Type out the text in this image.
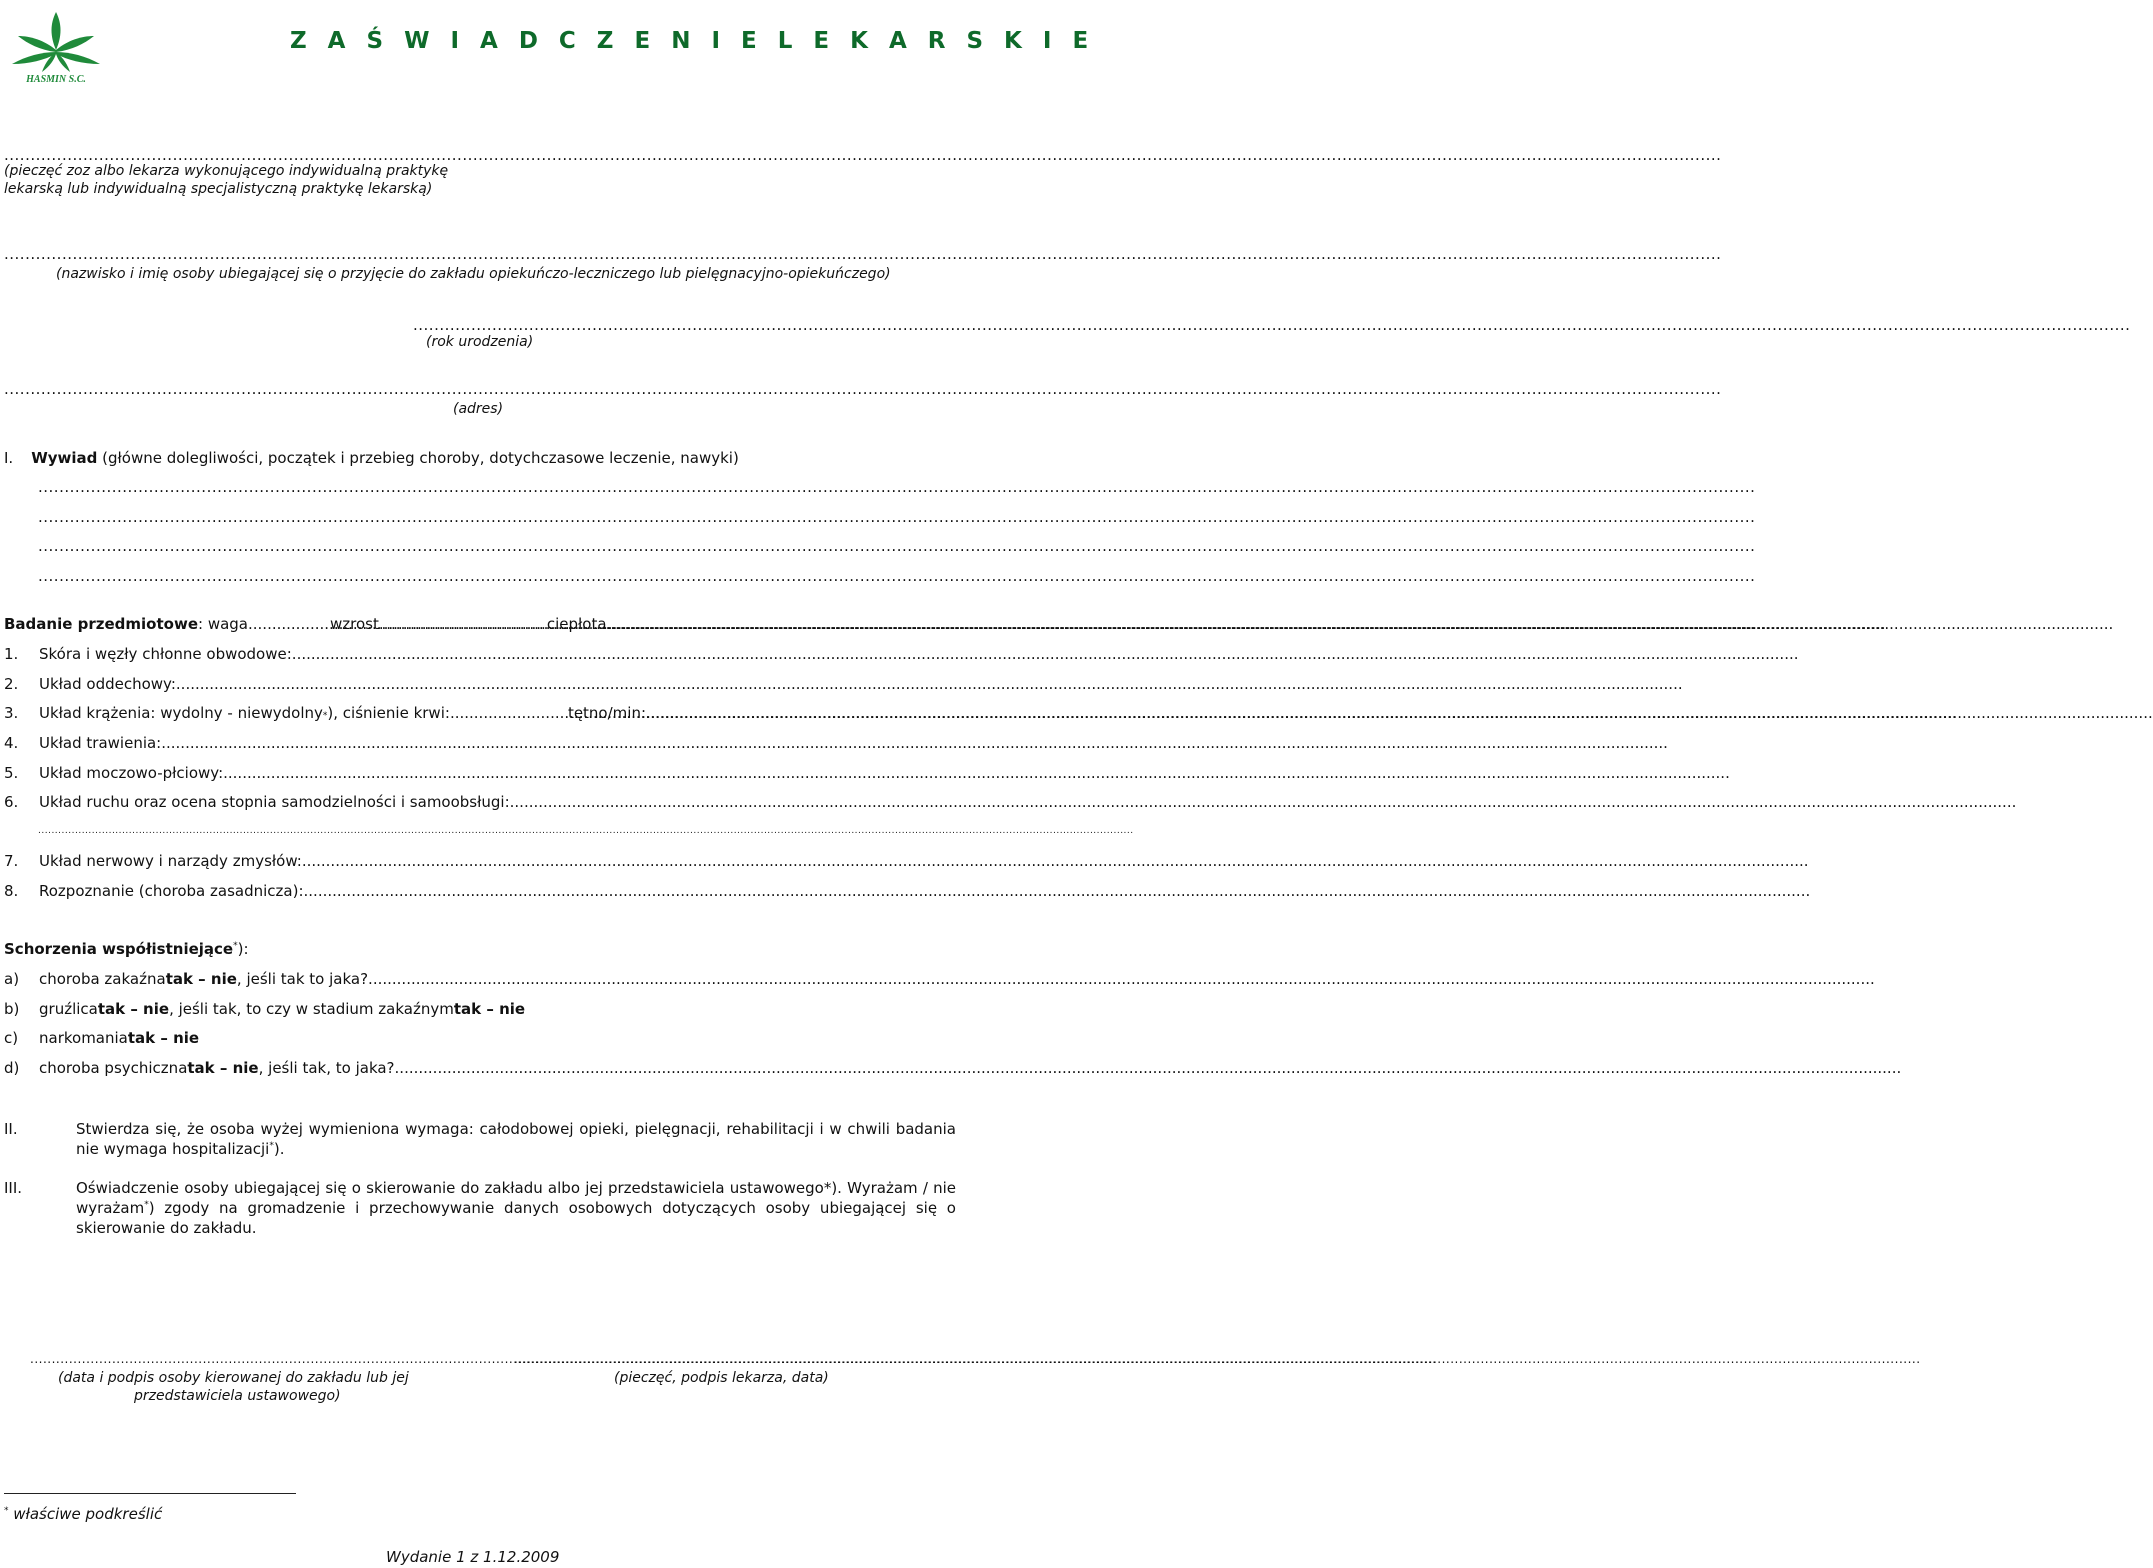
HASMIN S.C.
Z A Ś W I A D C Z E N I E L E K A R S K I E
.....
(pieczęć zoz albo lekarza wykonującego indywidualną praktykę
lekarską lub indywidualną specjalistyczną praktykę lekarską)
.....
(nazwisko i imię osoby ubiegającej się o przyjęcie do zakładu opiekuńczo-leczniczego lub pielęgnacyjno-opiekuńczego)
.....
(rok urodzenia)
.....
(adres)
I. Wywiad (główne dolegliwości, początek i przebieg choroby, dotychczasowe leczenie, nawyki)
.....
.....
.....
.....
Badanie przedmiotowe : waga .....	wzrost .....	ciepłota
.....
1.	Skóra i węzły chłonne obwodowe:
.....
2.	Układ oddechowy:
.....
3.	Układ krążenia: wydolny - niewydolny * ), ciśnienie krwi: .....	tętno/min:
.....
4.	Układ trawienia:
.....
5.	Układ moczowo-płciowy:
.....
6.	Układ ruchu oraz ocena stopnia samodzielności i samoobsługi:
.....
.....
7.	Układ nerwowy i narządy zmysłów:
.....
8.	Rozpoznanie (choroba zasadnicza):
.....
Schorzenia współistniejące*):
a)	choroba zakaźna tak – nie , jeśli tak to jaka?
.....
b)	gruźlica tak – nie , jeśli tak, to czy w stadium zakaźnym tak – nie
c)	narkomania tak – nie
d)	choroba psychiczna tak – nie , jeśli tak, to jaka?
.....
II.	Stwierdza się, że osoba wyżej wymieniona wymaga: całodobowej opieki, pielęgnacji, rehabilitacji i w chwili badania nie wymaga hospitalizacji*).
III.	Oświadczenie osoby ubiegającej się o skierowanie do zakładu albo jej przedstawiciela ustawowego*). Wyrażam / nie wyrażam*) zgody na gromadzenie i przechowywanie danych osobowych dotyczących osoby ubiegającej się o skierowanie do zakładu.
.....
(data i podpis osoby kierowanej do zakładu lub jej
przedstawiciela ustawowego)
.....
(pieczęć, podpis lekarza, data)
* właściwe podkreślić
Wydanie 1 z 1.12.2009
